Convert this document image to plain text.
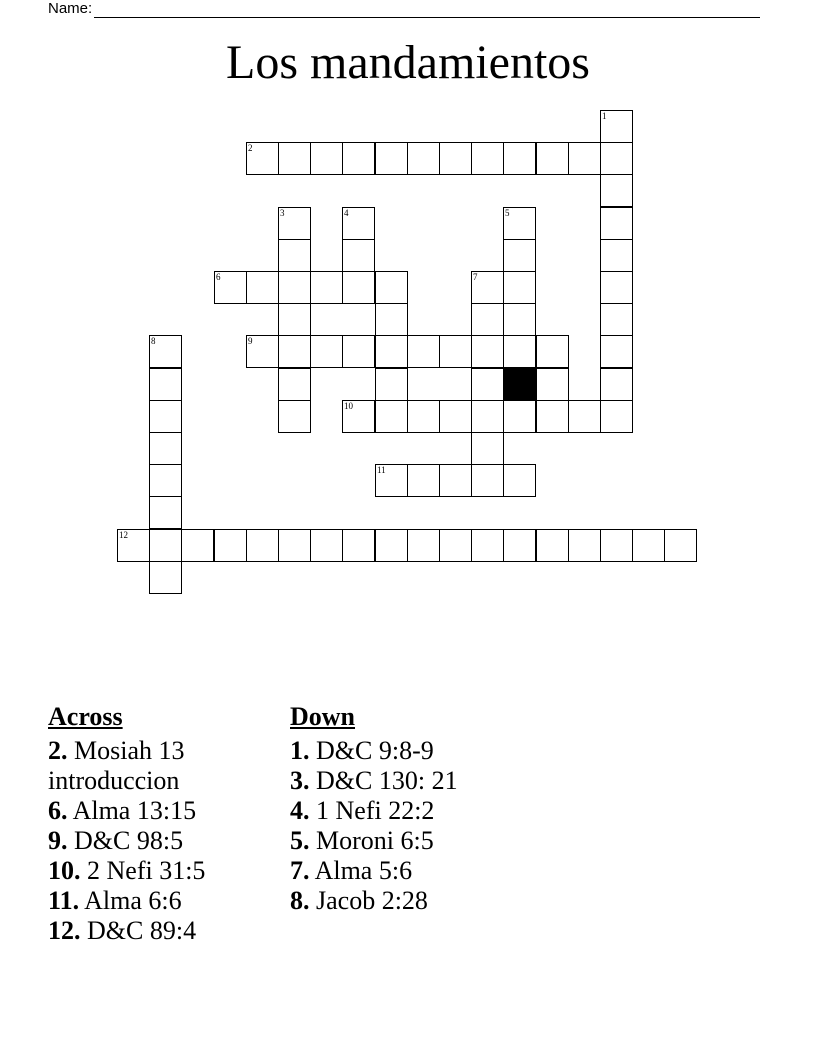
Name:
Los mandamientos
1
2
3	4	5
6	7
8	9
10
11
12
Across

2. Mosiah 13 introduccion

6. Alma 13:15

9. D&C 98:5

10. 2 Nefi 31:5

11. Alma 6:6

12. D&C 89:4

Down

1. D&C 9:8-9

3. D&C 130: 21

4. 1 Nefi 22:2

5. Moroni 6:5

7. Alma 5:6

8. Jacob 2:28
